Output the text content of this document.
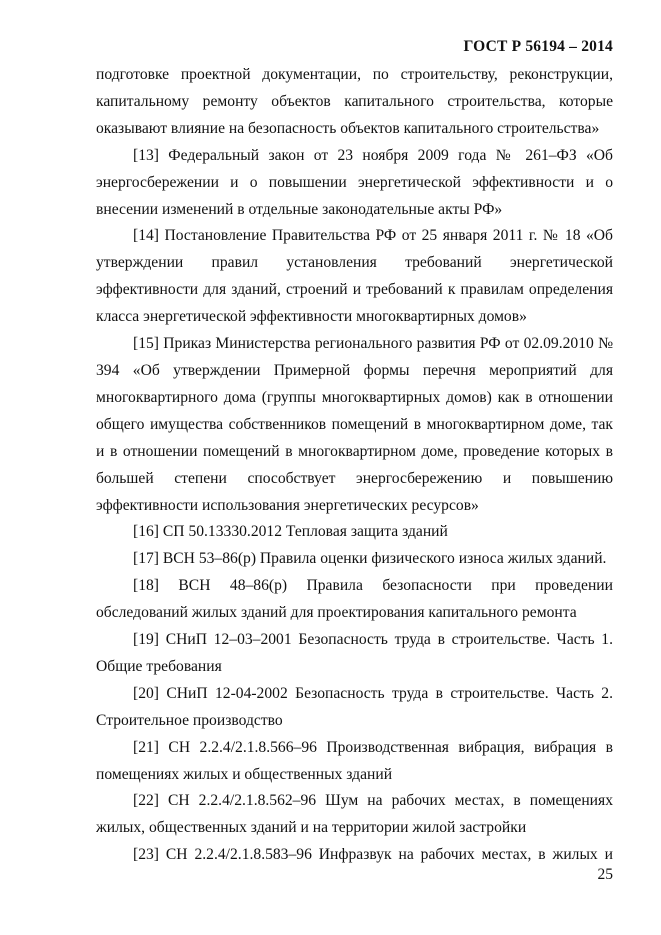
ГОСТ Р 56194 – 2014

подготовке проектной документации, по строительству, реконструкции, капитальному ремонту объектов капитального строительства, которые оказывают влияние на безопасность объектов капитального строительства»

[13] Федеральный закон от 23 ноября 2009 года № 261–ФЗ «Об энергосбережении и о повышении энергетической эффективности и о внесении изменений в отдельные законодательные акты РФ»

[14] Постановление Правительства РФ от 25 января 2011 г. № 18 «Об утверждении правил установления требований энергетической эффективности для зданий, строений и требований к правилам определения класса энергетической эффективности многоквартирных домов»

[15] Приказ Министерства регионального развития РФ от 02.09.2010 № 394 «Об утверждении Примерной формы перечня мероприятий для многоквартирного дома (группы многоквартирных домов) как в отношении общего имущества собственников помещений в многоквартирном доме, так и в отношении помещений в многоквартирном доме, проведение которых в большей степени способствует энергосбережению и повышению эффективности использования энергетических ресурсов»

[16] СП 50.13330.2012 Тепловая защита зданий

[17] ВСН 53–86(р) Правила оценки физического износа жилых зданий.

[18] ВСН 48–86(р) Правила безопасности при проведении обследований жилых зданий для проектирования капитального ремонта

[19] СНиП 12–03–2001 Безопасность труда в строительстве. Часть 1. Общие требования

[20] СНиП 12-04-2002 Безопасность труда в строительстве. Часть 2. Строительное производство

[21] СН 2.2.4/2.1.8.566–96 Производственная вибрация, вибрация в помещениях жилых и общественных зданий

[22] СН 2.2.4/2.1.8.562–96 Шум на рабочих местах, в помещениях жилых, общественных зданий и на территории жилой застройки

[23] СН 2.2.4/2.1.8.583–96 Инфразвук на рабочих местах, в жилых и

25
